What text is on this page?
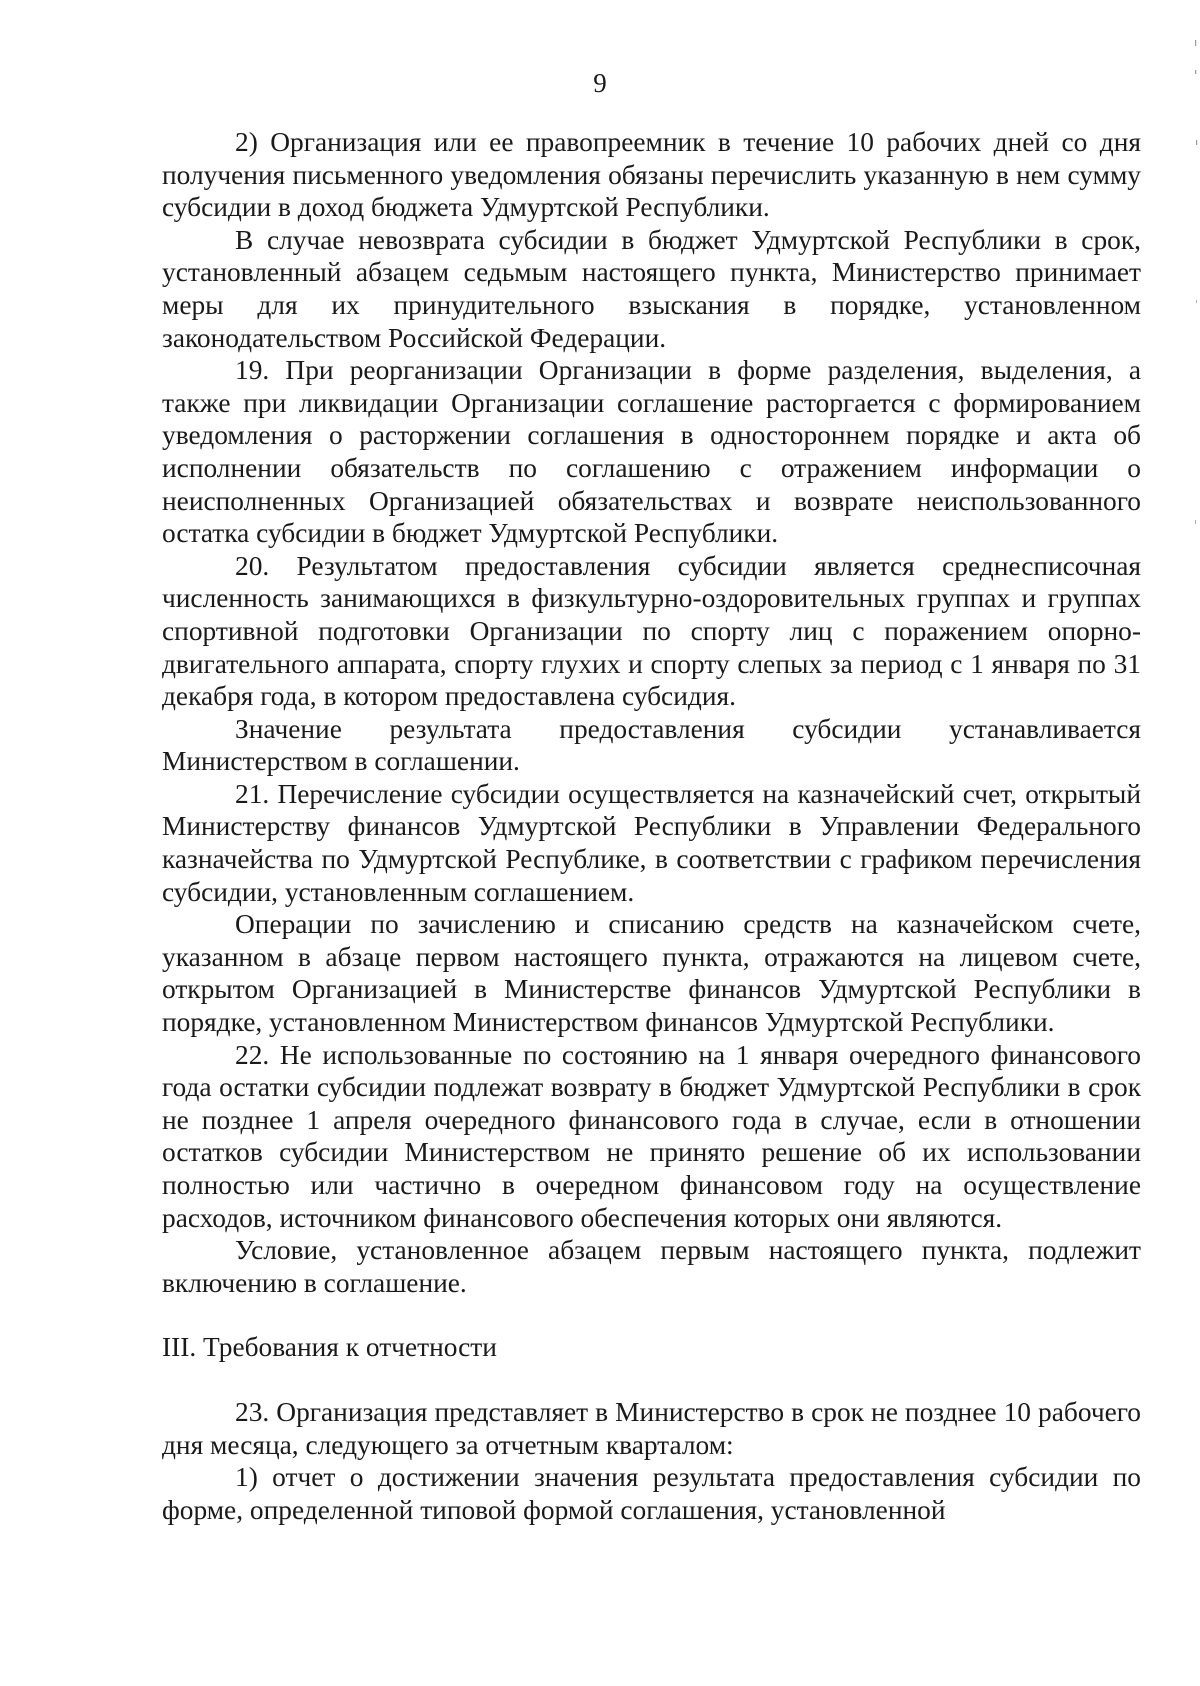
9

2) Организация или ее правопреемник в течение 10 рабочих дней со дня получения письменного уведомления обязаны перечислить указанную в нем сумму субсидии в доход бюджета Удмуртской Республики.

В случае невозврата субсидии в бюджет Удмуртской Республики в срок, установленный абзацем седьмым настоящего пункта, Министерство принимает меры для их принудительного взыскания в порядке, установленном законодательством Российской Федерации.

19. При реорганизации Организации в форме разделения, выделения, а также при ликвидации Организации соглашение расторгается с формированием уведомления о расторжении соглашения в одностороннем порядке и акта об исполнении обязательств по соглашению с отражением информации о неисполненных Организацией обязательствах и возврате неиспользованного остатка субсидии в бюджет Удмуртской Республики.

20. Результатом предоставления субсидии является среднесписочная численность занимающихся в физкультурно-оздоровительных группах и группах спортивной подготовки Организации по спорту лиц с поражением опорно-двигательного аппарата, спорту глухих и спорту слепых за период с 1 января по 31 декабря года, в котором предоставлена субсидия.

Значение результата предоставления субсидии устанавливается Министерством в соглашении.

21. Перечисление субсидии осуществляется на казначейский счет, открытый Министерству финансов Удмуртской Республики в Управлении Федерального казначейства по Удмуртской Республике, в соответствии с графиком перечисления субсидии, установленным соглашением.

Операции по зачислению и списанию средств на казначейском счете, указанном в абзаце первом настоящего пункта, отражаются на лицевом счете, открытом Организацией в Министерстве финансов Удмуртской Республики в порядке, установленном Министерством финансов Удмуртской Республики.

22. Не использованные по состоянию на 1 января очередного финансового года остатки субсидии подлежат возврату в бюджет Удмуртской Республики в срок не позднее 1 апреля очередного финансового года в случае, если в отношении остатков субсидии Министерством не принято решение об их использовании полностью или частично в очередном финансовом году на осуществление расходов, источником финансового обеспечения которых они являются.

Условие, установленное абзацем первым настоящего пункта, подлежит включению в соглашение.

III. Требования к отчетности

23. Организация представляет в Министерство в срок не позднее 10 рабочего дня месяца, следующего за отчетным кварталом:

1) отчет о достижении значения результата предоставления субсидии по форме, определенной типовой формой соглашения, установленной
